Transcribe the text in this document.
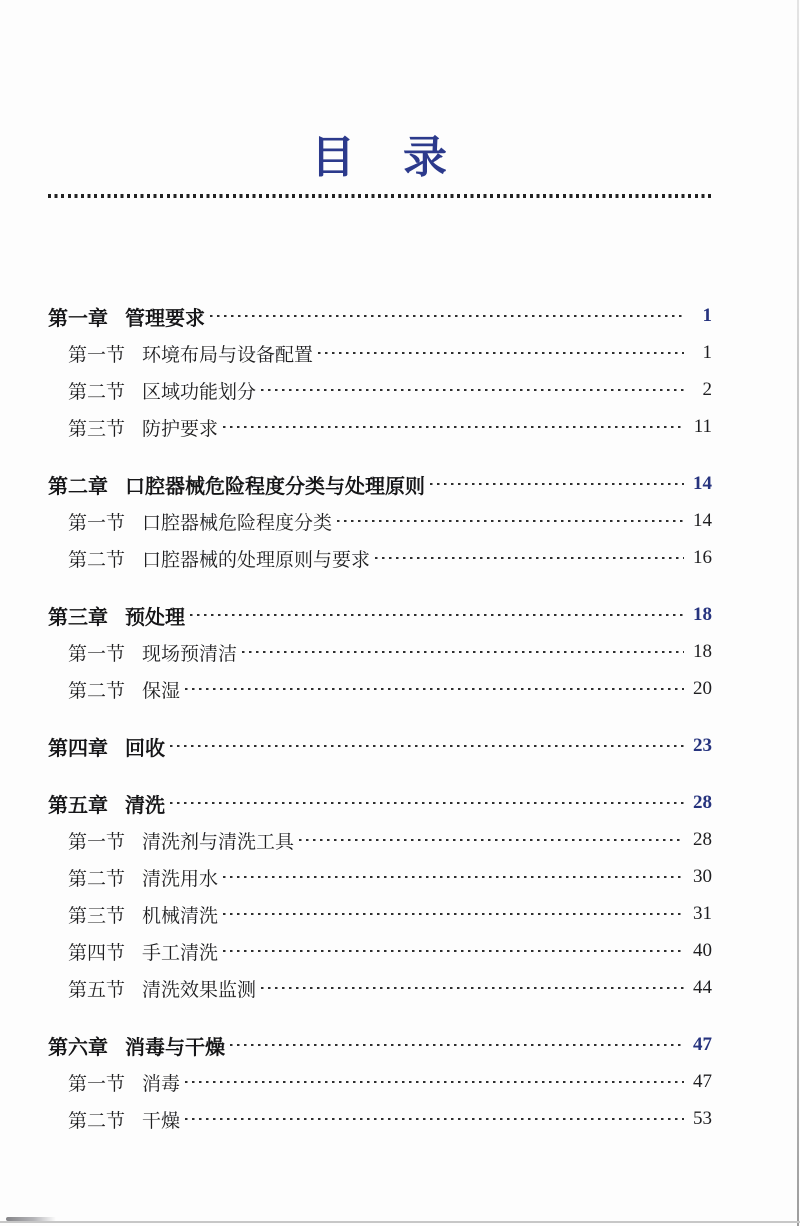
目　录
第一章 管理要求	1
第一节 环境布局与设备配置	1
第二节 区域功能划分	2
第三节 防护要求	11
第二章 口腔器械危险程度分类与处理原则	14
第一节 口腔器械危险程度分类	14
第二节 口腔器械的处理原则与要求	16
第三章 预处理	18
第一节 现场预清洁	18
第二节 保湿	20
第四章 回收	23
第五章 清洗	28
第一节 清洗剂与清洗工具	28
第二节 清洗用水	30
第三节 机械清洗	31
第四节 手工清洗	40
第五节 清洗效果监测	44
第六章 消毒与干燥	47
第一节 消毒	47
第二节 干燥	53
